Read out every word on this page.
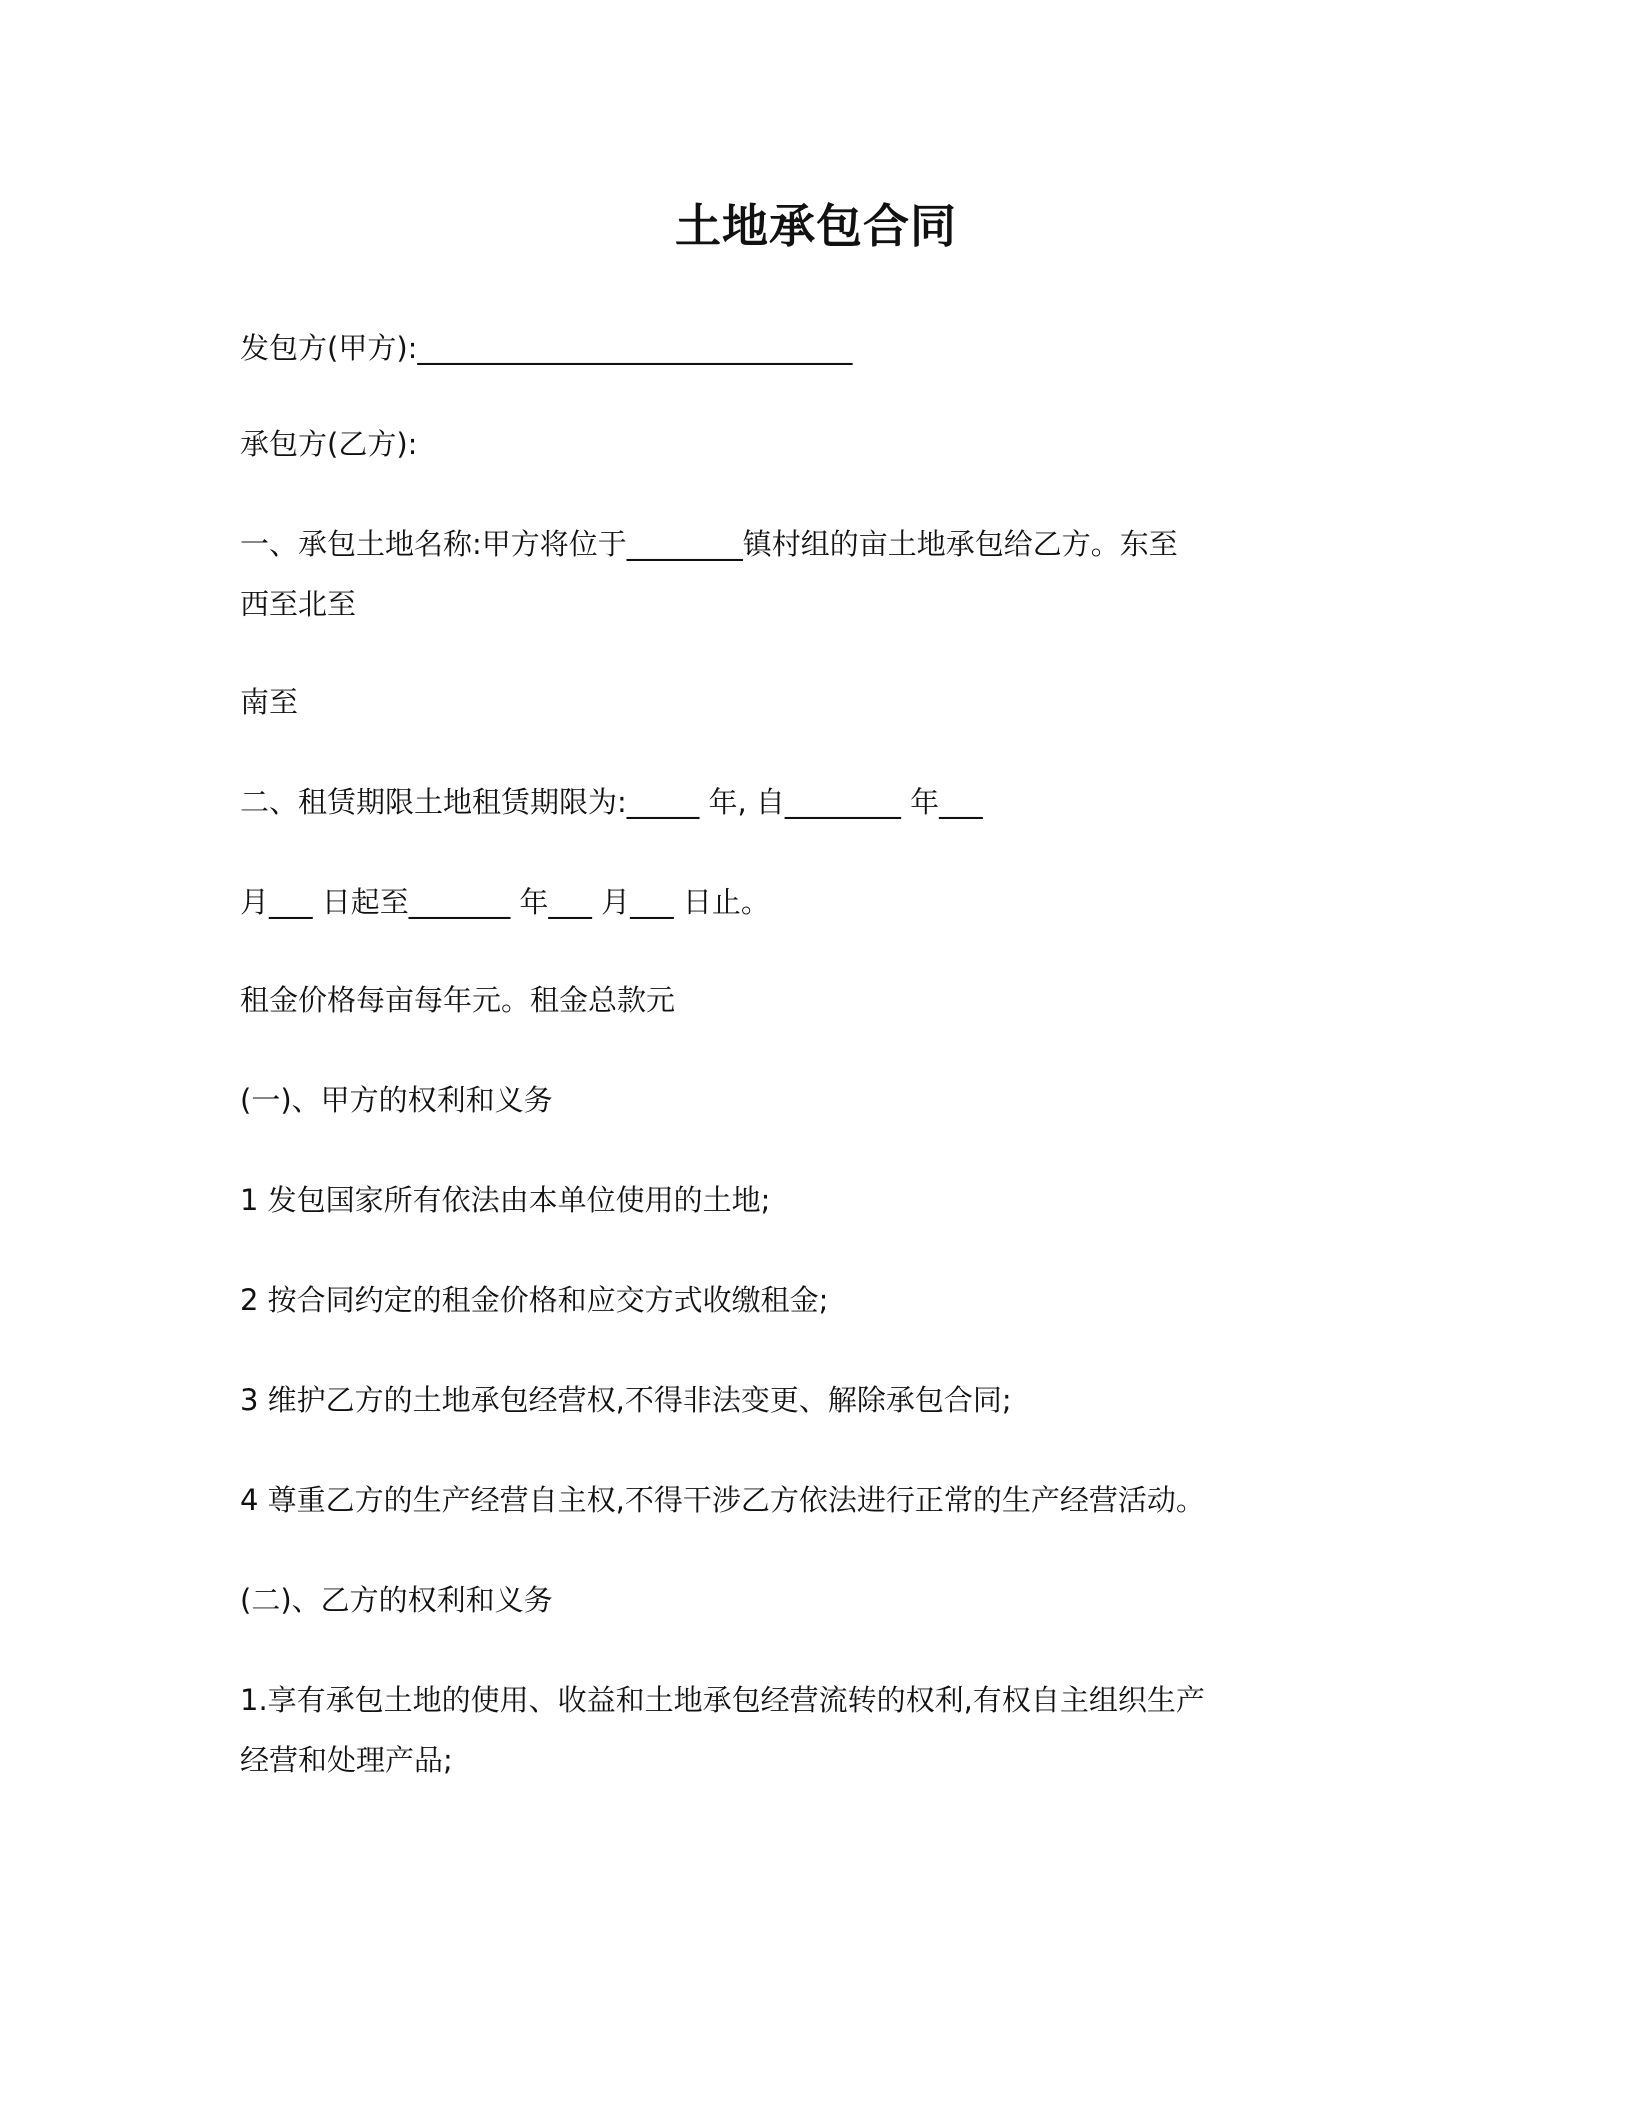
土地承包合同
发包方(甲方):______________________________
承包方(乙方):
一、承包土地名称:甲方将位于________镇村组的亩土地承包给乙方。东至
西至北至
南至
二、租赁期限土地租赁期限为:_____ 年, 自________ 年___
月___ 日起至_______ 年___ 月___ 日止。
租金价格每亩每年元。租金总款元
(一)、甲方的权利和义务
1 发包国家所有依法由本单位使用的土地;
2 按合同约定的租金价格和应交方式收缴租金;
3 维护乙方的土地承包经营权,不得非法变更、解除承包合同;
4 尊重乙方的生产经营自主权,不得干涉乙方依法进行正常的生产经营活动。
(二)、乙方的权利和义务
1.享有承包土地的使用、收益和土地承包经营流转的权利,有权自主组织生产
经营和处理产品;
